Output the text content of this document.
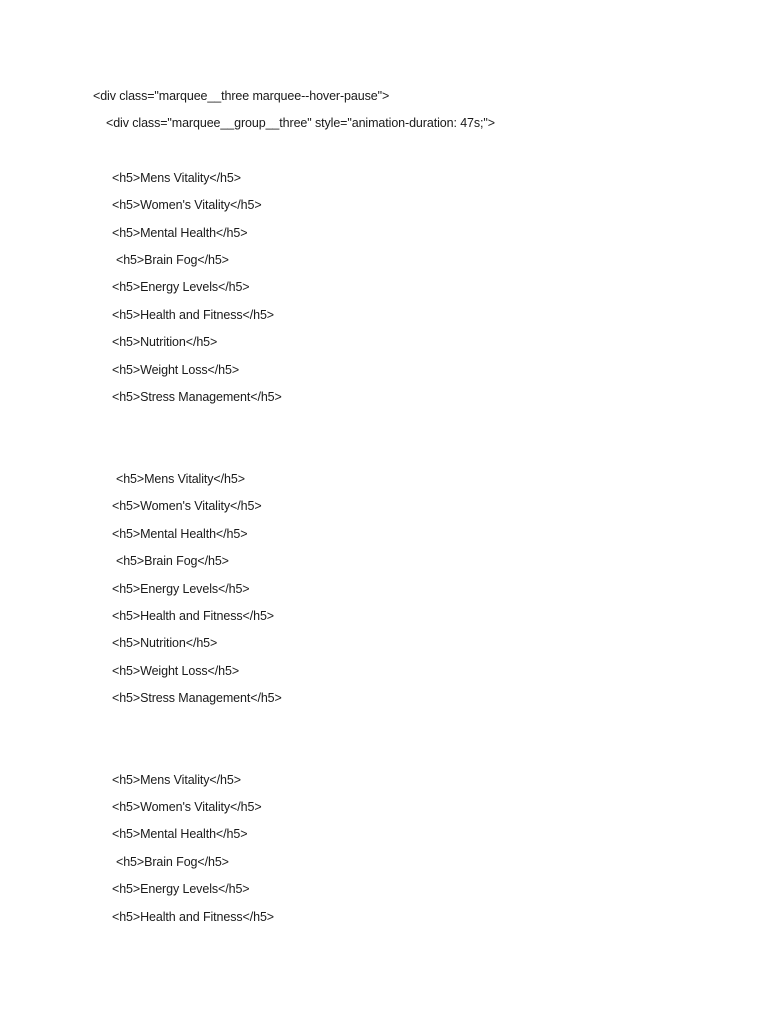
<div class="marquee__three marquee--hover-pause">
<div class="marquee__group__three" style="animation-duration: 47s;">
<h5>Mens Vitality</h5>
<h5>Women's Vitality</h5>
<h5>Mental Health</h5>
<h5>Brain Fog</h5>
<h5>Energy Levels</h5>
<h5>Health and Fitness</h5>
<h5>Nutrition</h5>
<h5>Weight Loss</h5>
<h5>Stress Management</h5>
<h5>Mens Vitality</h5>
<h5>Women's Vitality</h5>
<h5>Mental Health</h5>
<h5>Brain Fog</h5>
<h5>Energy Levels</h5>
<h5>Health and Fitness</h5>
<h5>Nutrition</h5>
<h5>Weight Loss</h5>
<h5>Stress Management</h5>
<h5>Mens Vitality</h5>
<h5>Women's Vitality</h5>
<h5>Mental Health</h5>
<h5>Brain Fog</h5>
<h5>Energy Levels</h5>
<h5>Health and Fitness</h5>
